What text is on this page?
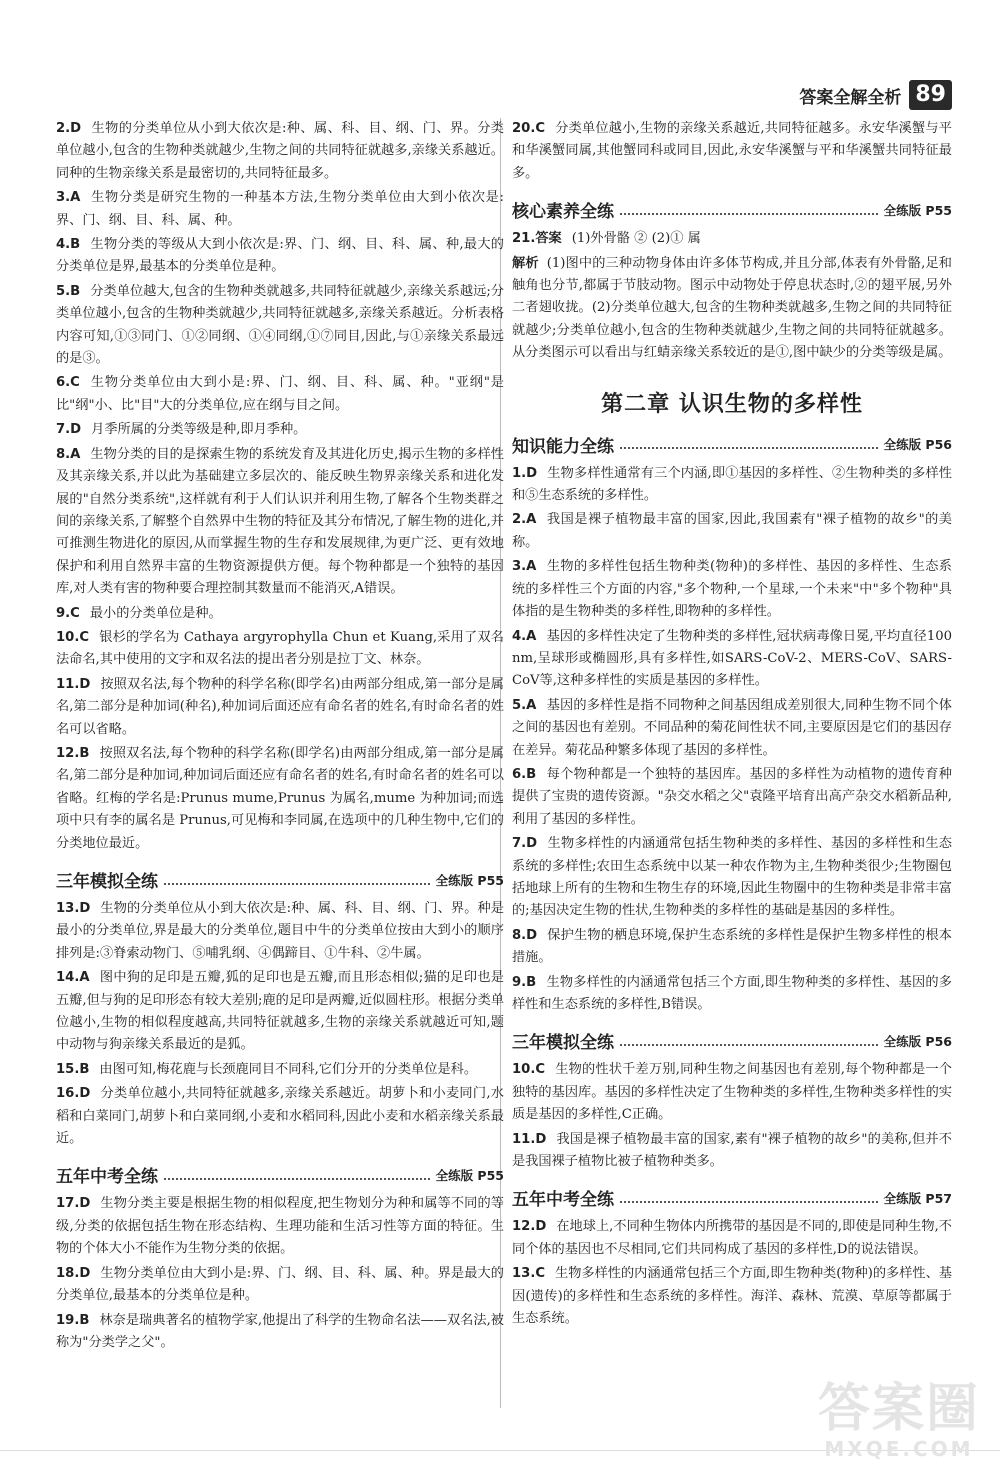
答案全解全析 89
2.D 生物的分类单位从小到大依次是:种、属、科、目、纲、门、界。分类单位越小,包含的生物种类就越少,生物之间的共同特征就越多,亲缘关系越近。同种的生物亲缘关系是最密切的,共同特征最多。
3.A 生物分类是研究生物的一种基本方法,生物分类单位由大到小依次是:界、门、纲、目、科、属、种。
4.B 生物分类的等级从大到小依次是:界、门、纲、目、科、属、种,最大的分类单位是界,最基本的分类单位是种。
5.B 分类单位越大,包含的生物种类就越多,共同特征就越少,亲缘关系越远;分类单位越小,包含的生物种类就越少,共同特征就越多,亲缘关系越近。分析表格内容可知,①③同门、①②同纲、①④同纲,①⑦同目,因此,与①亲缘关系最远的是③。
6.C 生物分类单位由大到小是:界、门、纲、目、科、属、种。"亚纲"是比"纲"小、比"目"大的分类单位,应在纲与目之间。
7.D 月季所属的分类等级是种,即月季种。
8.A 生物分类的目的是探索生物的系统发育及其进化历史,揭示生物的多样性及其亲缘关系,并以此为基础建立多层次的、能反映生物界亲缘关系和进化发展的"自然分类系统",这样就有利于人们认识并利用生物,了解各个生物类群之间的亲缘关系,了解整个自然界中生物的特征及其分布情况,了解生物的进化,并可推测生物进化的原因,从而掌握生物的生存和发展规律,为更广泛、更有效地保护和利用自然界丰富的生物资源提供方便。每个物种都是一个独特的基因库,对人类有害的物种要合理控制其数量而不能消灭,A错误。
9.C 最小的分类单位是种。
10.C 银杉的学名为 Cathaya argyrophylla Chun et Kuang,采用了双名法命名,其中使用的文字和双名法的提出者分别是拉丁文、林奈。
11.D 按照双名法,每个物种的科学名称(即学名)由两部分组成,第一部分是属名,第二部分是种加词(种名),种加词后面还应有命名者的姓名,有时命名者的姓名可以省略。
12.B 按照双名法,每个物种的科学名称(即学名)由两部分组成,第一部分是属名,第二部分是种加词,种加词后面还应有命名者的姓名,有时命名者的姓名可以省略。红梅的学名是:Prunus mume,Prunus 为属名,mume 为种加词;而选项中只有李的属名是 Prunus,可见梅和李同属,在选项中的几种生物中,它们的分类地位最近。
三年模拟全练	全练版 P55
13.D 生物的分类单位从小到大依次是:种、属、科、目、纲、门、界。种是最小的分类单位,界是最大的分类单位,题目中牛的分类单位按由大到小的顺序排列是:③脊索动物门、⑤哺乳纲、④偶蹄目、①牛科、②牛属。
14.A 图中狗的足印是五瓣,狐的足印也是五瓣,而且形态相似;猫的足印也是五瓣,但与狗的足印形态有较大差别;鹿的足印是两瓣,近似圆柱形。根据分类单位越小,生物的相似程度越高,共同特征就越多,生物的亲缘关系就越近可知,题中动物与狗亲缘关系最近的是狐。
15.B 由图可知,梅花鹿与长颈鹿同目不同科,它们分开的分类单位是科。
16.D 分类单位越小,共同特征就越多,亲缘关系越近。胡萝卜和小麦同门,水稻和白菜同门,胡萝卜和白菜同纲,小麦和水稻同科,因此小麦和水稻亲缘关系最近。
五年中考全练	全练版 P55
17.D 生物分类主要是根据生物的相似程度,把生物划分为种和属等不同的等级,分类的依据包括生物在形态结构、生理功能和生活习性等方面的特征。生物的个体大小不能作为生物分类的依据。
18.D 生物分类单位由大到小是:界、门、纲、目、科、属、种。界是最大的分类单位,最基本的分类单位是种。
19.B 林奈是瑞典著名的植物学家,他提出了科学的生物命名法——双名法,被称为"分类学之父"。
20.C 分类单位越小,生物的亲缘关系越近,共同特征越多。永安华溪蟹与平和华溪蟹同属,其他蟹同科或同目,因此,永安华溪蟹与平和华溪蟹共同特征最多。
核心素养全练	全练版 P55
21.答案 (1)外骨骼 ② (2)① 属
解析 (1)图中的三种动物身体由许多体节构成,并且分部,体表有外骨骼,足和触角也分节,都属于节肢动物。图示中动物处于停息状态时,②的翅平展,另外二者翅收拢。(2)分类单位越大,包含的生物种类就越多,生物之间的共同特征就越少;分类单位越小,包含的生物种类就越少,生物之间的共同特征就越多。从分类图示可以看出与红蜻亲缘关系较近的是①,图中缺少的分类等级是属。
第二章 认识生物的多样性
知识能力全练	全练版 P56
1.D 生物多样性通常有三个内涵,即①基因的多样性、②生物种类的多样性和⑤生态系统的多样性。
2.A 我国是裸子植物最丰富的国家,因此,我国素有"裸子植物的故乡"的美称。
3.A 生物的多样性包括生物种类(物种)的多样性、基因的多样性、生态系统的多样性三个方面的内容,"多个物种,一个星球,一个未来"中"多个物种"具体指的是生物种类的多样性,即物种的多样性。
4.A 基因的多样性决定了生物种类的多样性,冠状病毒像日冕,平均直径100 nm,呈球形或椭圆形,具有多样性,如SARS-CoV-2、MERS-CoV、SARS-CoV等,这种多样性的实质是基因的多样性。
5.A 基因的多样性是指不同物种之间基因组成差别很大,同种生物不同个体之间的基因也有差别。不同品种的菊花间性状不同,主要原因是它们的基因存在差异。菊花品种繁多体现了基因的多样性。
6.B 每个物种都是一个独特的基因库。基因的多样性为动植物的遗传育种提供了宝贵的遗传资源。"杂交水稻之父"袁隆平培育出高产杂交水稻新品种,利用了基因的多样性。
7.D 生物多样性的内涵通常包括生物种类的多样性、基因的多样性和生态系统的多样性;农田生态系统中以某一种农作物为主,生物种类很少;生物圈包括地球上所有的生物和生物生存的环境,因此生物圈中的生物种类是非常丰富的;基因决定生物的性状,生物种类的多样性的基础是基因的多样性。
8.D 保护生物的栖息环境,保护生态系统的多样性是保护生物多样性的根本措施。
9.B 生物多样性的内涵通常包括三个方面,即生物种类的多样性、基因的多样性和生态系统的多样性,B错误。
三年模拟全练	全练版 P56
10.C 生物的性状千差万别,同种生物之间基因也有差别,每个物种都是一个独特的基因库。基因的多样性决定了生物种类的多样性,生物种类多样性的实质是基因的多样性,C正确。
11.D 我国是裸子植物最丰富的国家,素有"裸子植物的故乡"的美称,但并不是我国裸子植物比被子植物种类多。
五年中考全练	全练版 P57
12.D 在地球上,不同种生物体内所携带的基因是不同的,即使是同种生物,不同个体的基因也不尽相同,它们共同构成了基因的多样性,D的说法错误。
13.C 生物多样性的内涵通常包括三个方面,即生物种类(物种)的多样性、基因(遗传)的多样性和生态系统的多样性。海洋、森林、荒漠、草原等都属于生态系统。
答案圈
MXQE.COM
